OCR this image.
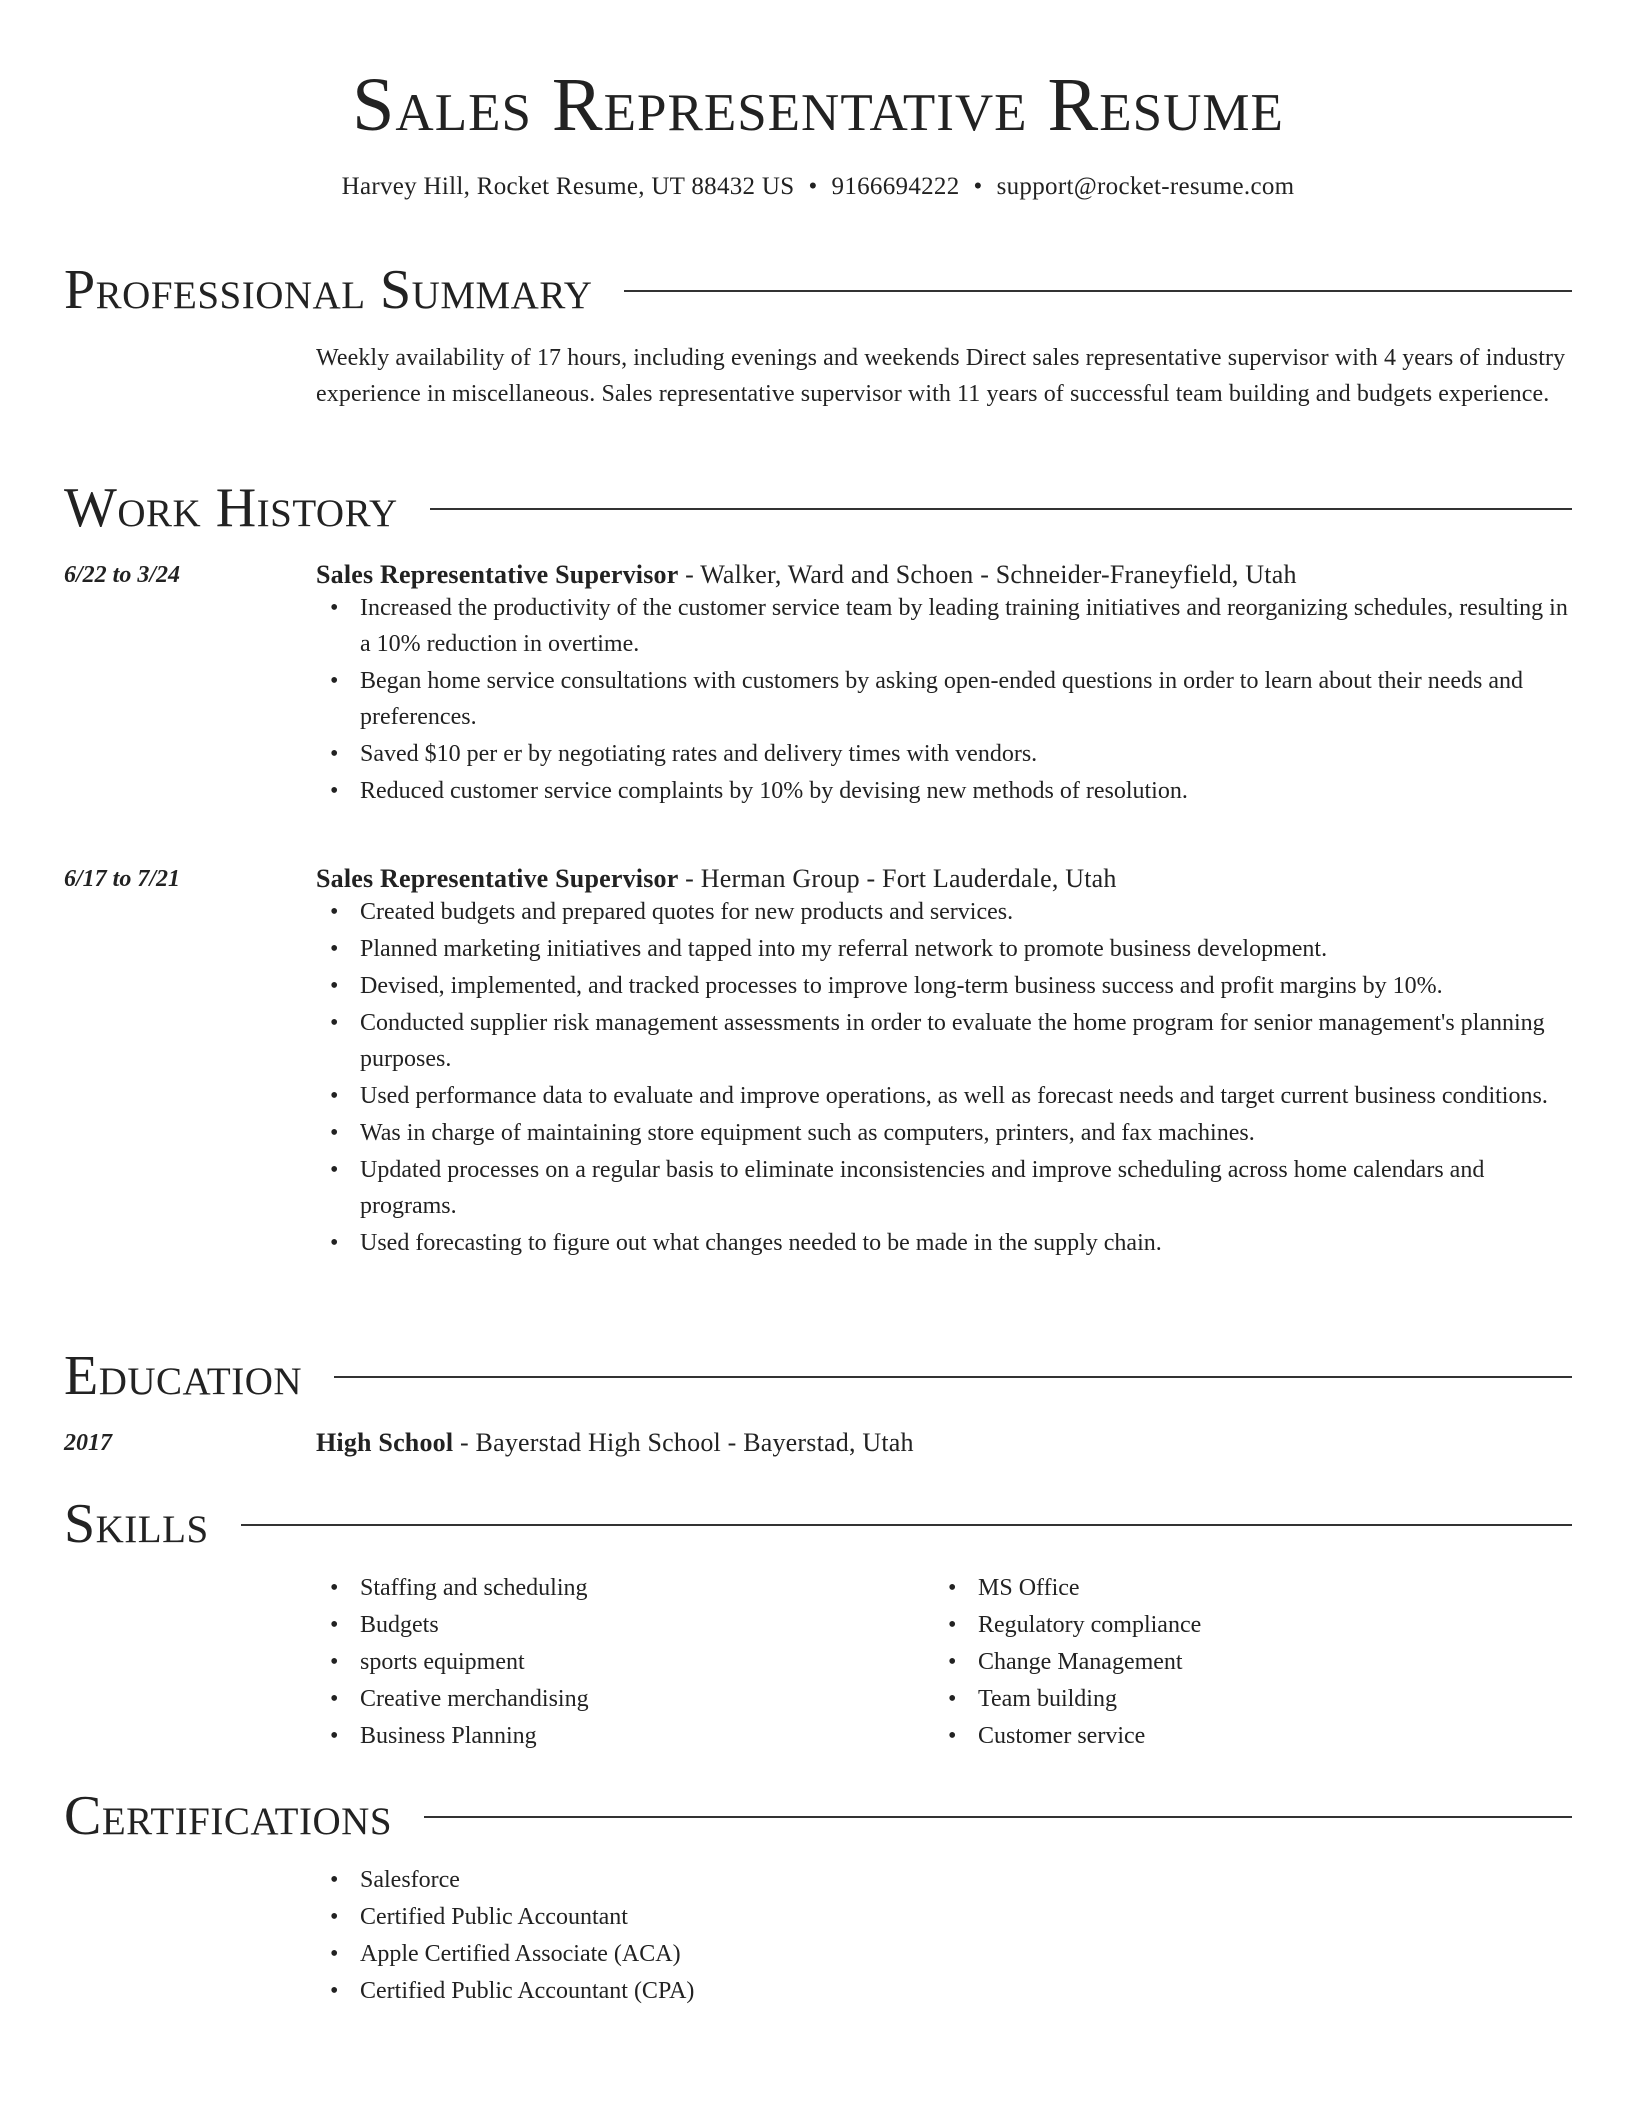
Sales Representative Resume
Harvey Hill, Rocket Resume, UT 88432 US • 9166694222 • support@rocket-resume.com
Professional Summary
Weekly availability of 17 hours, including evenings and weekends Direct sales representative supervisor with 4 years of industry experience in miscellaneous. Sales representative supervisor with 11 years of successful team building and budgets experience.
Work History
6/22 to 3/24	Sales Representative Supervisor - Walker, Ward and Schoen - Schneider-Franeyfield, Utah
• Increased the productivity of the customer service team by leading training initiatives and reorganizing schedules, resulting in a 10% reduction in overtime.
• Began home service consultations with customers by asking open-ended questions in order to learn about their needs and preferences.
• Saved $10 per er by negotiating rates and delivery times with vendors.
• Reduced customer service complaints by 10% by devising new methods of resolution.
6/17 to 7/21	Sales Representative Supervisor - Herman Group - Fort Lauderdale, Utah
• Created budgets and prepared quotes for new products and services.
• Planned marketing initiatives and tapped into my referral network to promote business development.
• Devised, implemented, and tracked processes to improve long-term business success and profit margins by 10%.
• Conducted supplier risk management assessments in order to evaluate the home program for senior management's planning purposes.
• Used performance data to evaluate and improve operations, as well as forecast needs and target current business conditions.
• Was in charge of maintaining store equipment such as computers, printers, and fax machines.
• Updated processes on a regular basis to eliminate inconsistencies and improve scheduling across home calendars and programs.
• Used forecasting to figure out what changes needed to be made in the supply chain.
Education
2017	High School - Bayerstad High School - Bayerstad, Utah
Skills
• Staffing and scheduling
• Budgets
• sports equipment
• Creative merchandising
• Business Planning
• MS Office
• Regulatory compliance
• Change Management
• Team building
• Customer service
Certifications
• Salesforce
• Certified Public Accountant
• Apple Certified Associate (ACA)
• Certified Public Accountant (CPA)
